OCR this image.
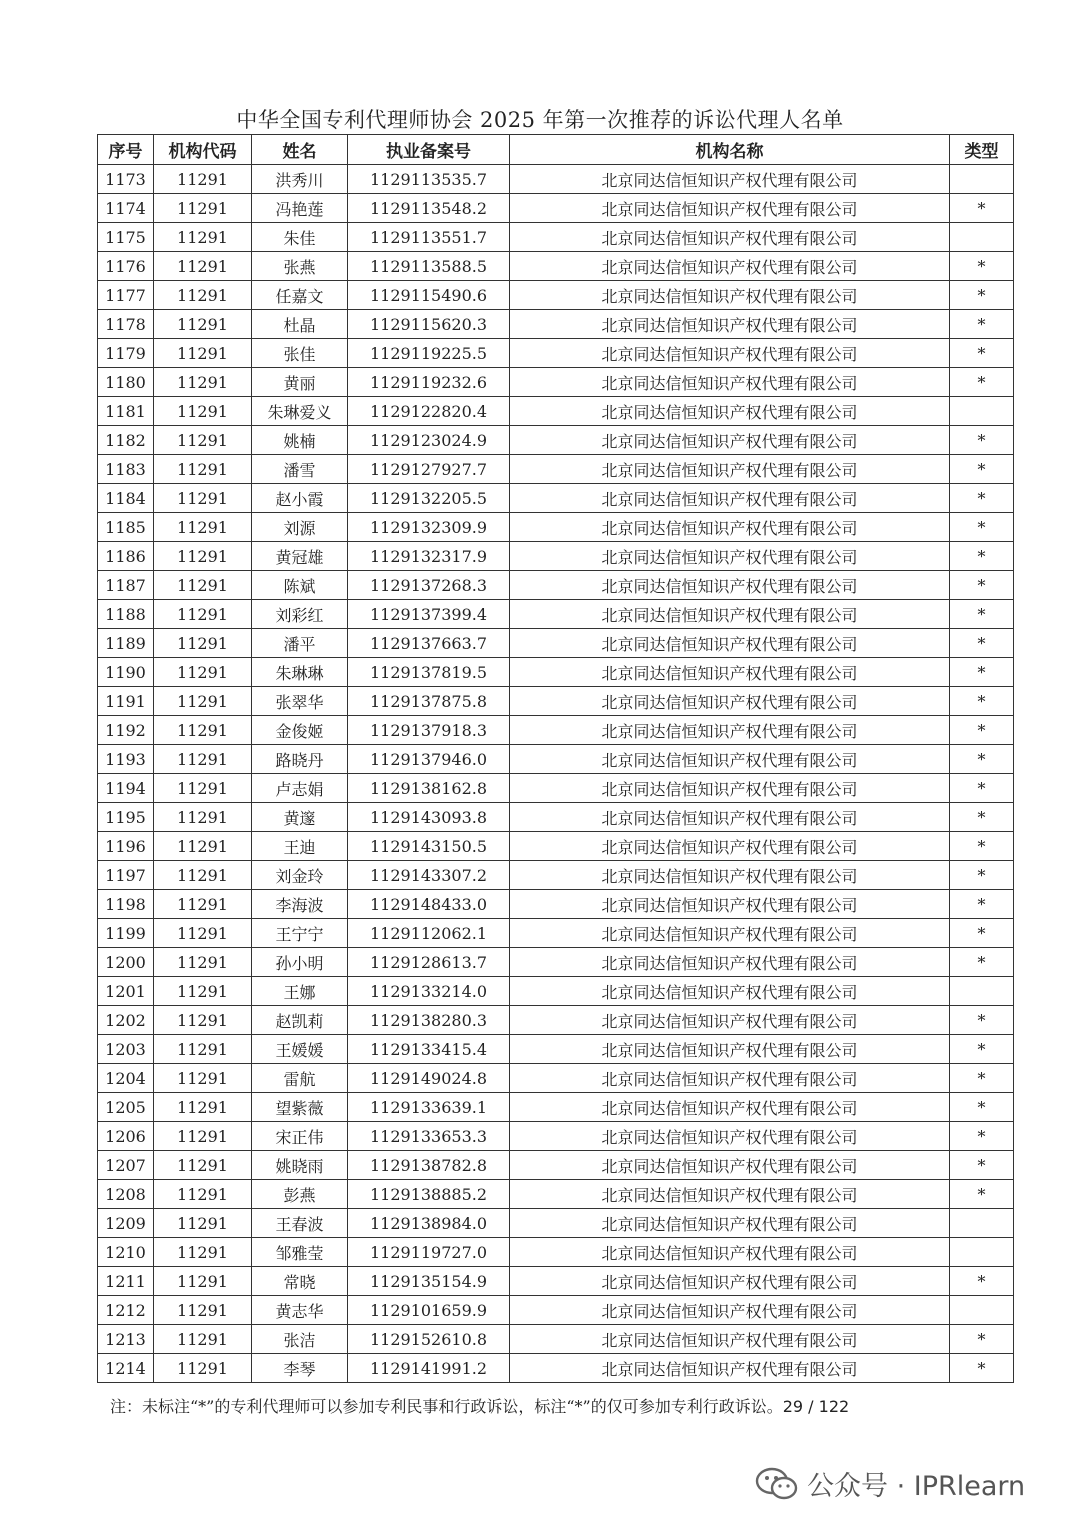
中华全国专利代理师协会 2025 年第一次推荐的诉讼代理人名单
序号	机构代码	姓名	执业备案号	机构名称	类型
1173	11291	洪秀川	1129113535.7	北京同达信恒知识产权代理有限公司	
1174	11291	冯艳莲	1129113548.2	北京同达信恒知识产权代理有限公司	*
1175	11291	朱佳	1129113551.7	北京同达信恒知识产权代理有限公司	
1176	11291	张燕	1129113588.5	北京同达信恒知识产权代理有限公司	*
1177	11291	任嘉文	1129115490.6	北京同达信恒知识产权代理有限公司	*
1178	11291	杜晶	1129115620.3	北京同达信恒知识产权代理有限公司	*
1179	11291	张佳	1129119225.5	北京同达信恒知识产权代理有限公司	*
1180	11291	黄丽	1129119232.6	北京同达信恒知识产权代理有限公司	*
1181	11291	朱琳爱义	1129122820.4	北京同达信恒知识产权代理有限公司	
1182	11291	姚楠	1129123024.9	北京同达信恒知识产权代理有限公司	*
1183	11291	潘雪	1129127927.7	北京同达信恒知识产权代理有限公司	*
1184	11291	赵小霞	1129132205.5	北京同达信恒知识产权代理有限公司	*
1185	11291	刘源	1129132309.9	北京同达信恒知识产权代理有限公司	*
1186	11291	黄冠雄	1129132317.9	北京同达信恒知识产权代理有限公司	*
1187	11291	陈斌	1129137268.3	北京同达信恒知识产权代理有限公司	*
1188	11291	刘彩红	1129137399.4	北京同达信恒知识产权代理有限公司	*
1189	11291	潘平	1129137663.7	北京同达信恒知识产权代理有限公司	*
1190	11291	朱琳琳	1129137819.5	北京同达信恒知识产权代理有限公司	*
1191	11291	张翠华	1129137875.8	北京同达信恒知识产权代理有限公司	*
1192	11291	金俊姬	1129137918.3	北京同达信恒知识产权代理有限公司	*
1193	11291	路晓丹	1129137946.0	北京同达信恒知识产权代理有限公司	*
1194	11291	卢志娟	1129138162.8	北京同达信恒知识产权代理有限公司	*
1195	11291	黄邃	1129143093.8	北京同达信恒知识产权代理有限公司	*
1196	11291	王迪	1129143150.5	北京同达信恒知识产权代理有限公司	*
1197	11291	刘金玲	1129143307.2	北京同达信恒知识产权代理有限公司	*
1198	11291	李海波	1129148433.0	北京同达信恒知识产权代理有限公司	*
1199	11291	王宁宁	1129112062.1	北京同达信恒知识产权代理有限公司	*
1200	11291	孙小明	1129128613.7	北京同达信恒知识产权代理有限公司	*
1201	11291	王娜	1129133214.0	北京同达信恒知识产权代理有限公司	
1202	11291	赵凯莉	1129138280.3	北京同达信恒知识产权代理有限公司	*
1203	11291	王媛媛	1129133415.4	北京同达信恒知识产权代理有限公司	*
1204	11291	雷航	1129149024.8	北京同达信恒知识产权代理有限公司	*
1205	11291	望紫薇	1129133639.1	北京同达信恒知识产权代理有限公司	*
1206	11291	宋正伟	1129133653.3	北京同达信恒知识产权代理有限公司	*
1207	11291	姚晓雨	1129138782.8	北京同达信恒知识产权代理有限公司	*
1208	11291	彭燕	1129138885.2	北京同达信恒知识产权代理有限公司	*
1209	11291	王春波	1129138984.0	北京同达信恒知识产权代理有限公司	
1210	11291	邹雅莹	1129119727.0	北京同达信恒知识产权代理有限公司	
1211	11291	常晓	1129135154.9	北京同达信恒知识产权代理有限公司	*
1212	11291	黄志华	1129101659.9	北京同达信恒知识产权代理有限公司	
1213	11291	张洁	1129152610.8	北京同达信恒知识产权代理有限公司	*
1214	11291	李琴	1129141991.2	北京同达信恒知识产权代理有限公司	*
注：未标注“*”的专利代理师可以参加专利民事和行政诉讼，标注“*”的仅可参加专利行政诉讼。29 / 122
公众号 · IPRlearn
